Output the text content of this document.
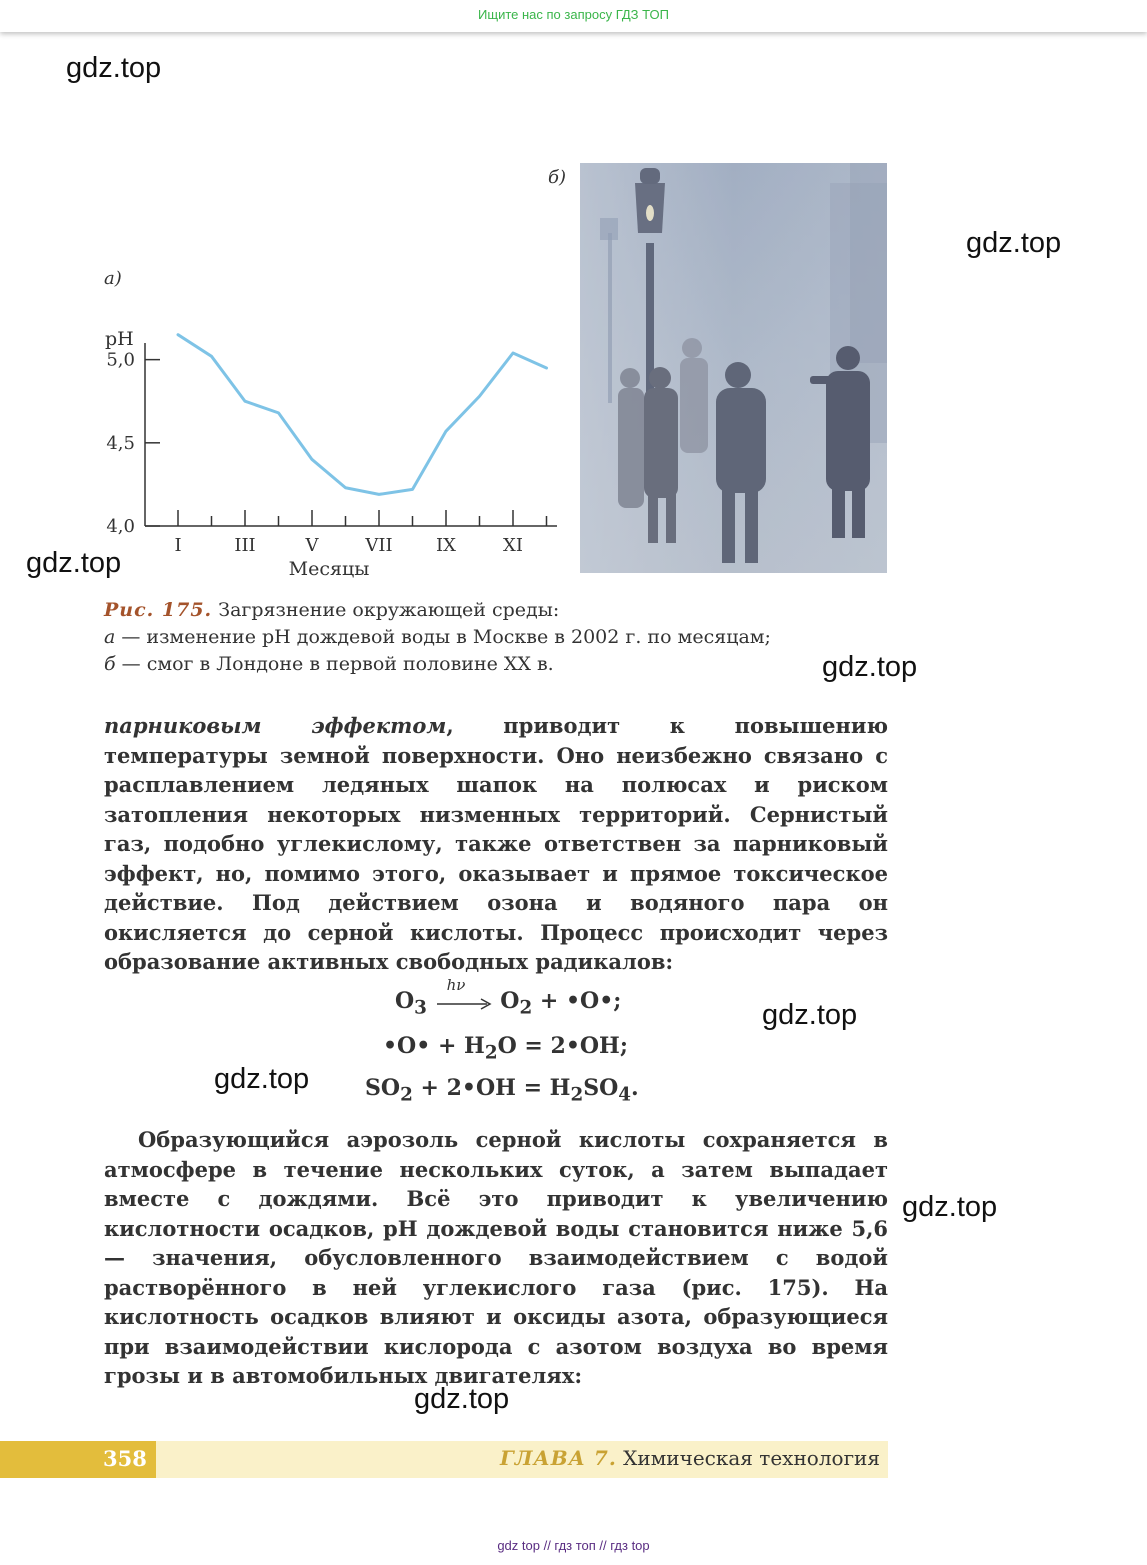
Ищите нас по запросу ГДЗ ТОП
gdz.top
gdz.top
gdz.top
gdz.top
gdz.top
gdz.top
gdz.top
gdz.top
а)
б)
5,0
4,5
4,0
I	III	V	VII IX	XI
pH
Месяцы
Рис. 175. Загрязнение окружающей среды:
а — изменение pH дождевой воды в Москве в 2002 г. по месяцам;
б — смог в Лондоне в первой половине XX в.

парниковым эффектом, приводит к повышению температуры земной поверхности. Оно неизбежно связано с расплавлением ледяных шапок на полюсах и риском затопления некоторых низменных территорий. Сернистый газ, подобно углекислому, также ответствен за парниковый эффект, но, помимо этого, оказывает и прямое токсическое действие. Под действием озона и водяного пара он окисляется до серной кислоты. Процесс происходит через образование активных свободных радикалов:

$O_3$
hν
$O_2$ + •O•;
•O• + $H_2O$ = 2•OH;
$SO_2$ + 2•OH = $H_2SO_4$.

Образующийся аэрозоль серной кислоты сохраняется в атмосфере в течение нескольких суток, а затем выпадает вместе с дождями. Всё это приводит к увеличению кислотности осадков, pH дождевой воды становится ниже 5,6 — значения, обусловленного взаимодействием с водой растворённого в ней углекислого газа (рис. 175). На кислотность осадков влияют и оксиды азота, образующиеся при взаимодействии кислорода с азотом воздуха во время грозы и в автомобильных двигателях:

358	ГЛАВА 7. Химическая технология
gdz top // гдз топ // гдз top
